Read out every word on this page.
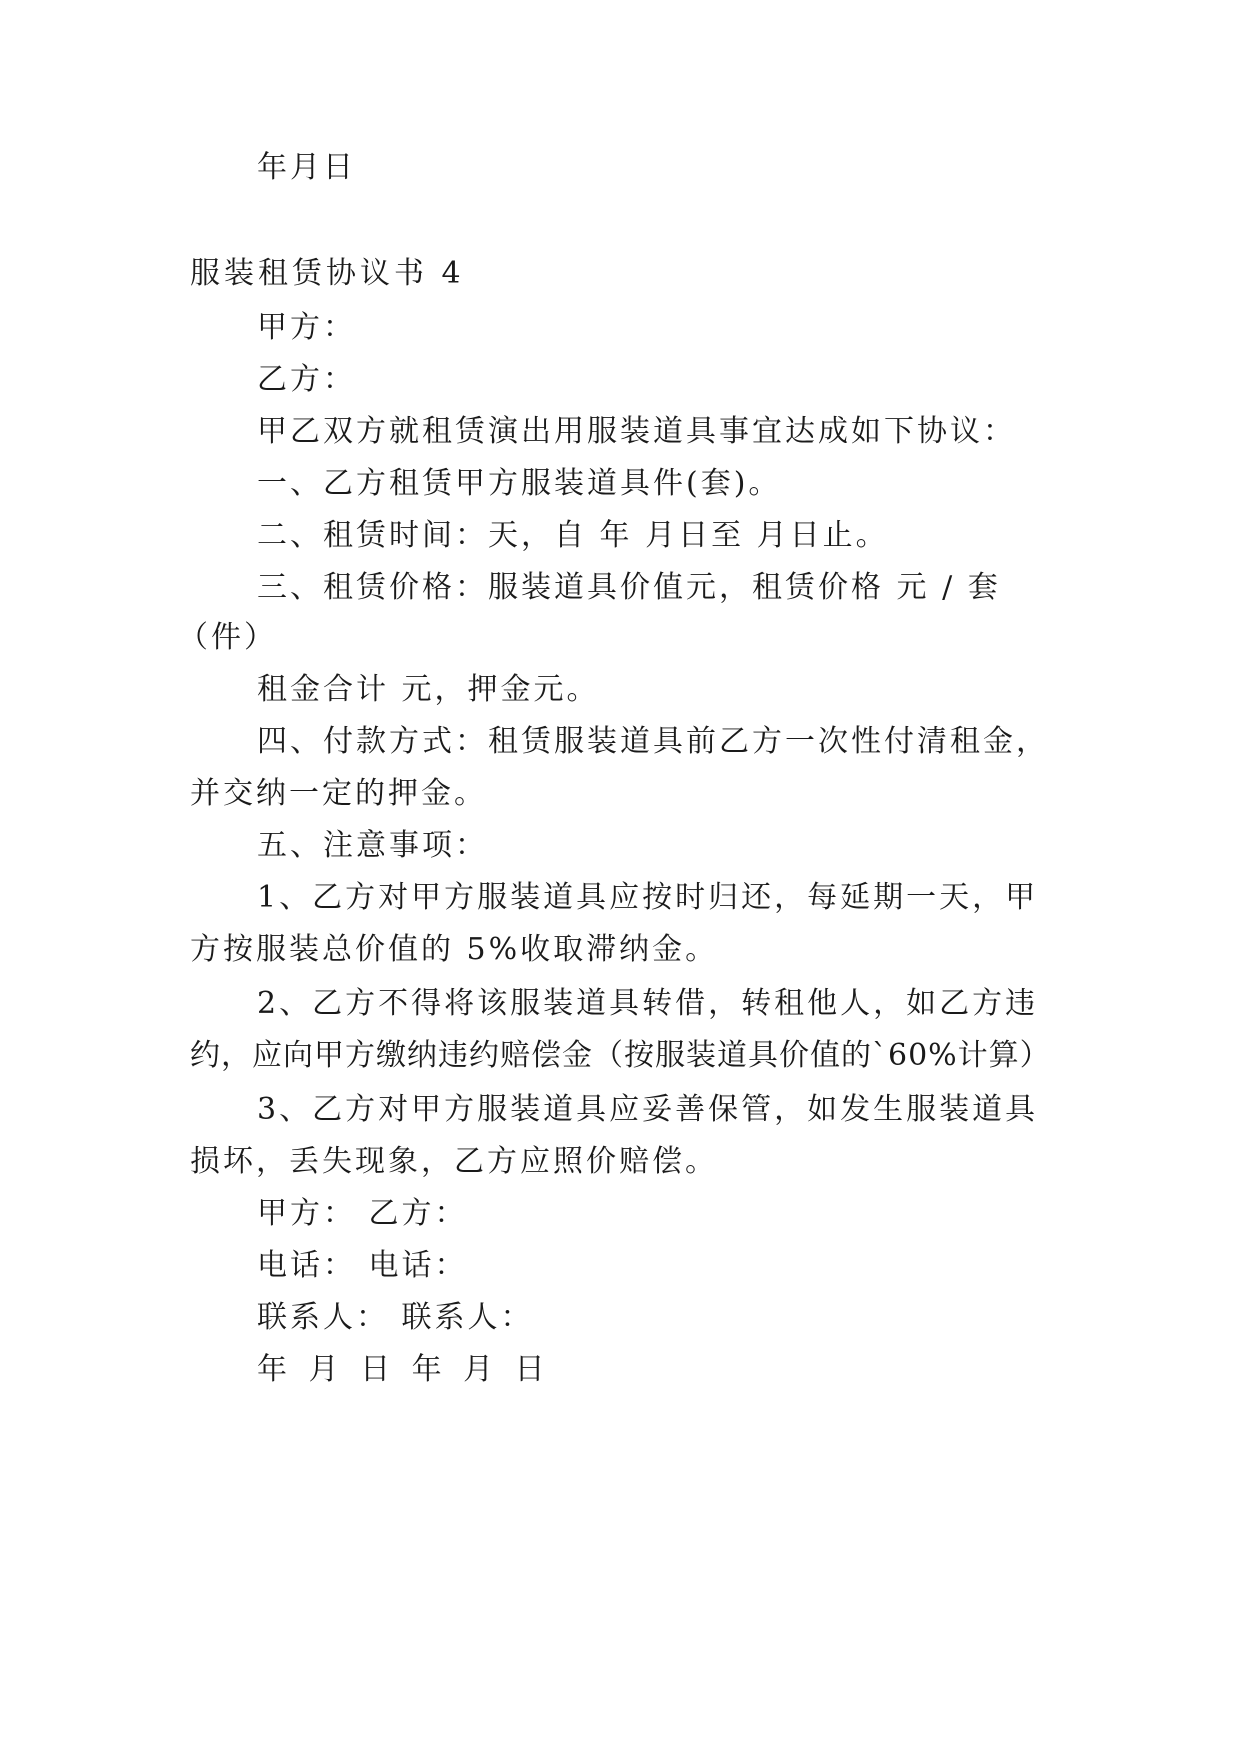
年月日
服装租赁协议书 4
甲方：
乙方：
甲乙双方就租赁演出用服装道具事宜达成如下协议：
一、乙方租赁甲方服装道具件(套)。
二、租赁时间：天，自 年 月日至 月日止。
三、租赁价格：服装道具价值元，租赁价格 元 / 套
（件）
租金合计 元，押金元。
四、付款方式：租赁服装道具前乙方一次性付清租金，
并交纳一定的押金。
五、注意事项：
1、乙方对甲方服装道具应按时归还，每延期一天，甲
方按服装总价值的 5%收取滞纳金。
2、乙方不得将该服装道具转借，转租他人，如乙方违
约，应向甲方缴纳违约赔偿金（按服装道具价值的`60%计算）
3、乙方对甲方服装道具应妥善保管，如发生服装道具
损坏，丢失现象，乙方应照价赔偿。
甲方： 乙方：
电话： 电话：
联系人： 联系人：
年 月 日 年 月 日
